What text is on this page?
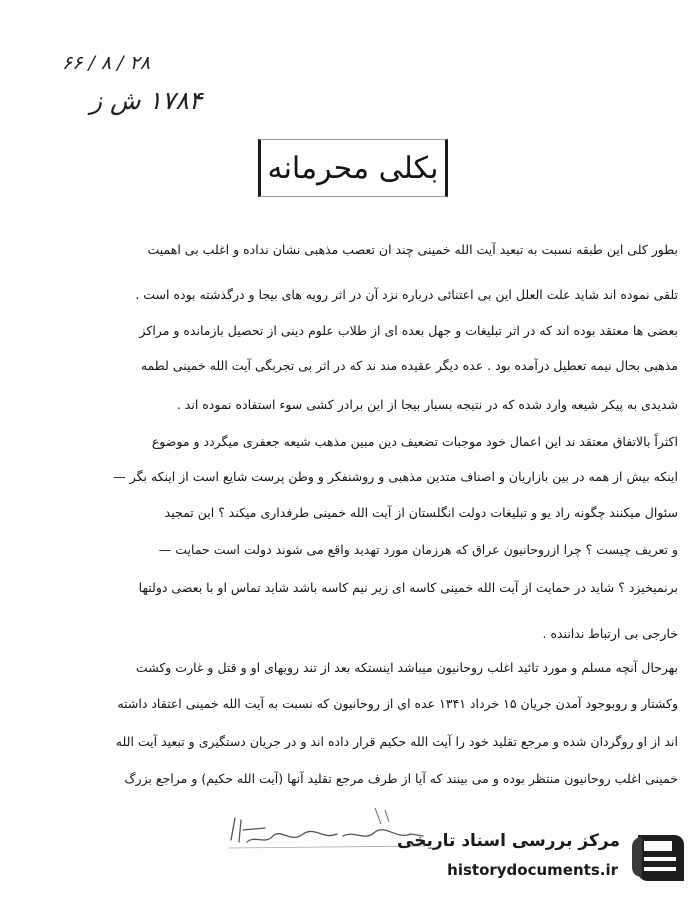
۲۸ / ۸ / ۶۶
۱۷۸۴ ش ز
بکلی محرمانه
بطور کلی این طبقه نسبت به تبعید آیت الله خمینی چند ان تعصب مذهبی نشان نداده و اغلب بی اهمیت
تلقی نموده اند شاید علت العلل این بی اعتنائی درباره نزد آن در اثر رویه های بیجا و درگذشته بوده است .
بعضی ها معتقد بوده اند که در اثر تبلیغات و جهل بعده ای از طلاب علوم دینی از تحصیل بازمانده و مراکز
مذهبی بحال نیمه تعطیل درآمده بود . عده دیگر عقیده مند ند که در اثر بی تجربگی آیت الله خمینی لطمه
شدیدی به پیکر شیعه وارد شده که در نتیجه بسیار بیجا از این برادر کشی سوء استفاده نموده اند .
اکثراً بالاتفاق معتقد ند این اعمال خود موجبات تضعیف دین مبین مذهب شیعه جعفری میگردد و موضوع
اینکه بیش از همه در بین بازاریان و اصناف متدین مذهبی و روشنفکر و وطن پرست شایع است از اینکه بگر —
سئوال میکنند چگونه راد یو و تبلیغات دولت انگلستان از آیت الله خمینی طرفداری میکند ؟ این تمجید
و تعریف چیست ؟ چرا ازروحانیون عراق که هرزمان مورد تهدید واقع می شوند دولت است حمایت —
برنمیخیزد ؟ شاید در حمایت از آیت الله خمینی کاسه ای زیر نیم کاسه باشد شاید تماس او با بعضی دولتها
خارجی بی ارتباط نداننده .
بهرحال آنچه مسلم و مورد تائید اغلب روحانیون میباشد اینستکه بعد از تند رویهای او و قتل و غارت وکشت
وکشتار و روبوجود آمدن جریان ۱۵ خرداد ۱۳۴۱ عده ای از روحانیون که نسبت به آیت الله خمینی اعتقاد داشته
اند از او روگردان شده و مرجع تقلید خود را آیت الله حکیم قرار داده اند و در جریان دستگیری و تبعید آیت الله
خمینی اغلب روحانیون منتظر بوده و می بینند که آیا از طرف مرجع تقلید آنها (آیت الله حکیم) و مراجع بزرگ
مرکز بررسی اسناد تاریخی
historydocuments.ir
